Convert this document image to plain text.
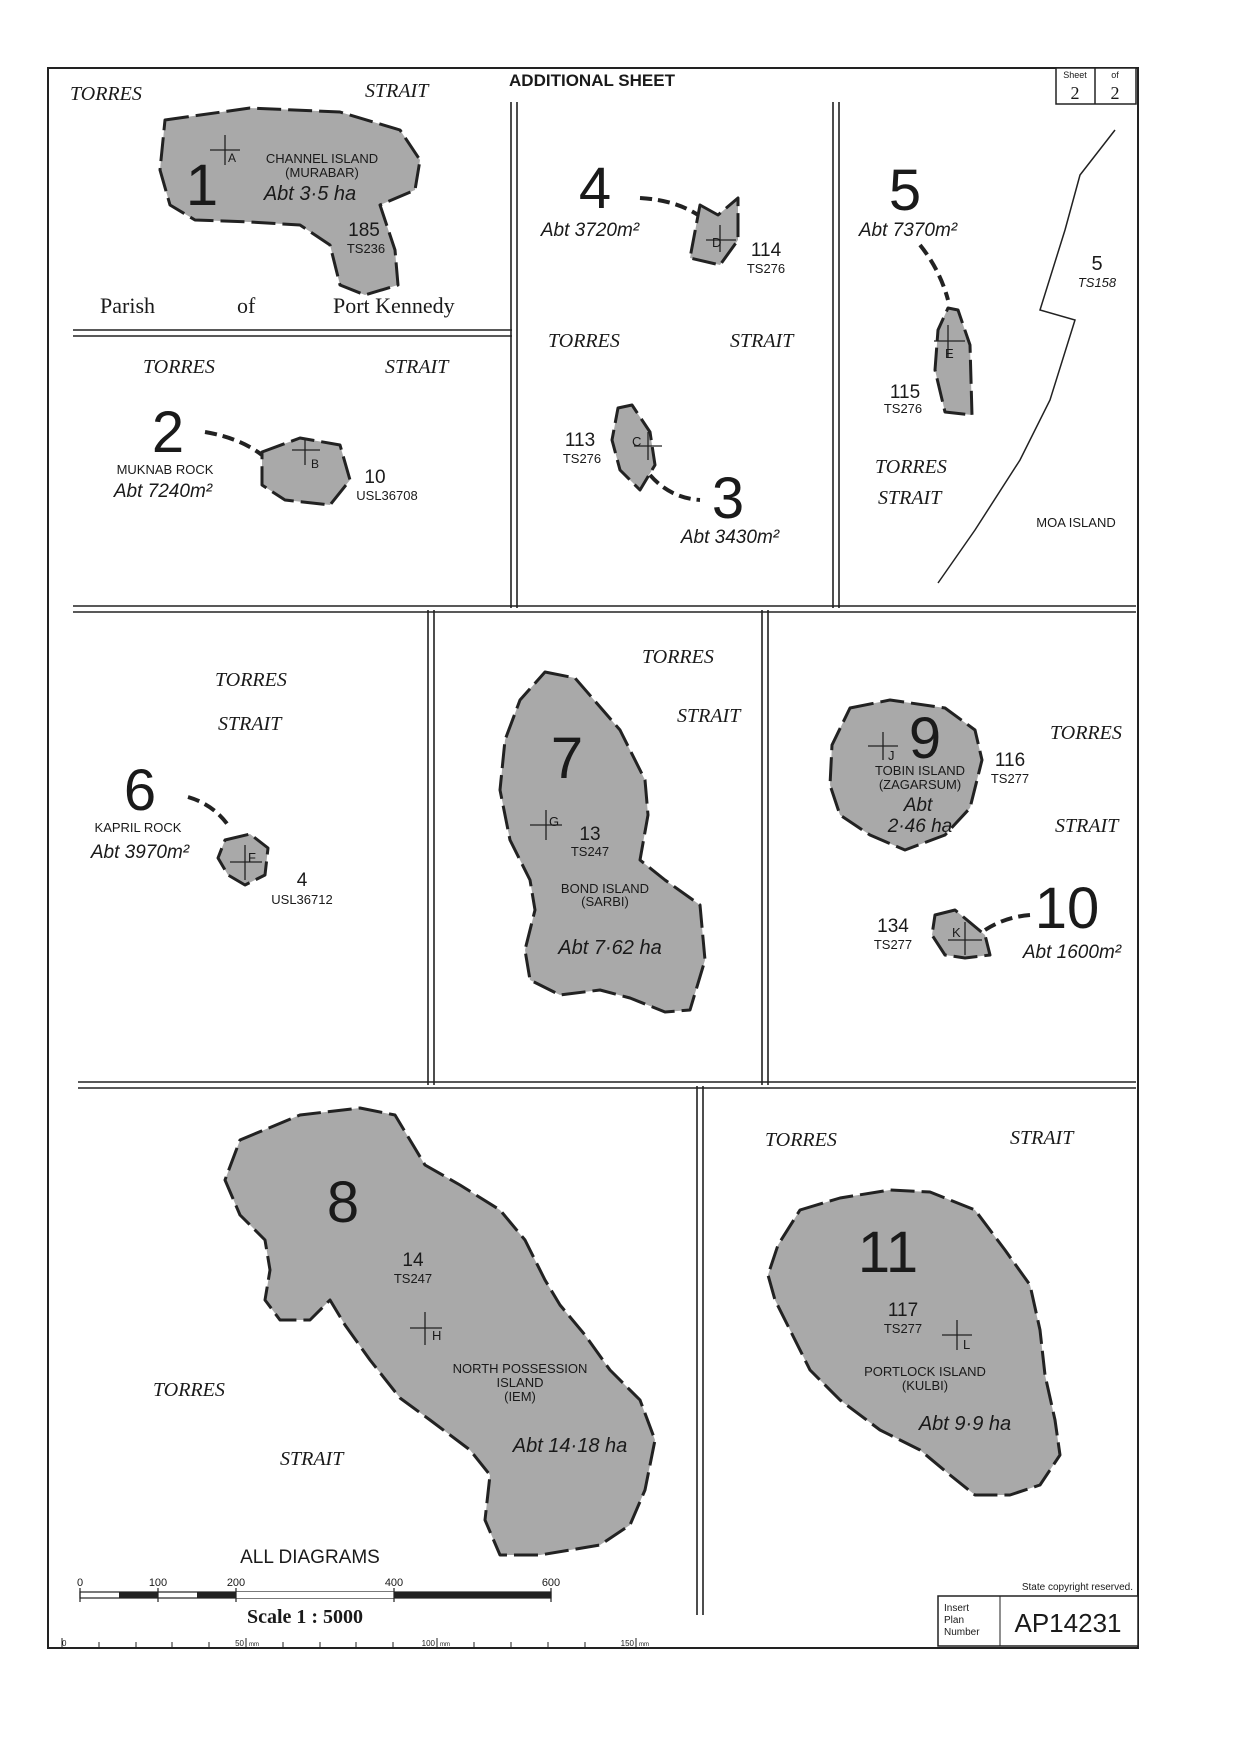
ADDITIONAL SHEET	Sheet	of
2 2
TORRES	STRAIT
A
1	CHANNEL ISLAND
(MURABAR)
Abt 3·5 ha
185
TS236
Parish	of	Port Kennedy
TORRES	STRAIT
2	B
MUKNAB ROCK
Abt 7240m²
10
USL36708
4
Abt 3720m²
D 114
TS276
TORRES	STRAIT
C
113
TS276
3
Abt 3430m²
5
Abt 7370m²
E
115
TS276
TORRES
STRAIT
5
TS158
MOA ISLAND
TORRES
STRAIT
6
KAPRIL ROCK
Abt 3970m²	F
4
USL36712
TORRES
STRAIT
7
G
13
TS247
BOND ISLAND
(SARBI)
Abt 7·62 ha
J 9
TOBIN ISLAND
(ZAGARSUM)
Abt
2·46 ha
116
TS277
TORRES
STRAIT
K 10
Abt 1600m²
134
TS277
8
14
TS247
H
NORTH POSSESSION
ISLAND
(IEM)
Abt 14·18 ha
TORRES
STRAIT
TORRES	STRAIT
11
117
TS277
L
PORTLOCK ISLAND
(KULBI)
Abt 9·9 ha
ALL DIAGRAMS
0	100	200	400	600
Scale 1 : 5000
0	50 mm	100 mm	150 mm
State copyright reserved.
Insert
Plan
Number AP14231
